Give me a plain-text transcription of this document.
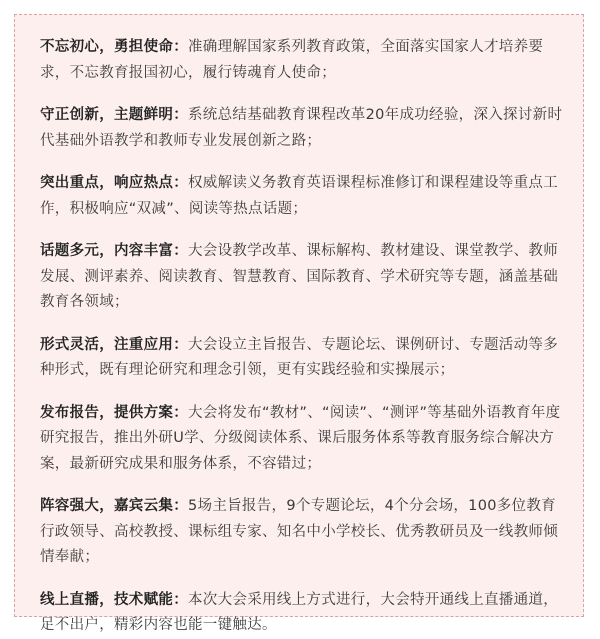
不忘初心，勇担使命：准确理解国家系列教育政策，全面落实国家人才培养要求，不忘教育报国初心，履行铸魂育人使命；

守正创新，主题鲜明：系统总结基础教育课程改革20年成功经验，深入探讨新时代基础外语教学和教师专业发展创新之路；

突出重点，响应热点：权威解读义务教育英语课程标准修订和课程建设等重点工作，积极响应“双减”、阅读等热点话题；

话题多元，内容丰富：大会设教学改革、课标解构、教材建设、课堂教学、教师发展、测评素养、阅读教育、智慧教育、国际教育、学术研究等专题，涵盖基础教育各领域；

形式灵活，注重应用：大会设立主旨报告、专题论坛、课例研讨、专题活动等多种形式，既有理论研究和理念引领，更有实践经验和实操展示；

发布报告，提供方案：大会将发布“教材”、“阅读”、“测评”等基础外语教育年度研究报告，推出外研U学、分级阅读体系、课后服务体系等教育服务综合解决方案，最新研究成果和服务体系，不容错过；

阵容强大，嘉宾云集：5场主旨报告，9个专题论坛，4个分会场，100多位教育行政领导、高校教授、课标组专家、知名中小学校长、优秀教研员及一线教师倾情奉献；

线上直播，技术赋能：本次大会采用线上方式进行，大会特开通线上直播通道，足不出户，精彩内容也能一键触达。
